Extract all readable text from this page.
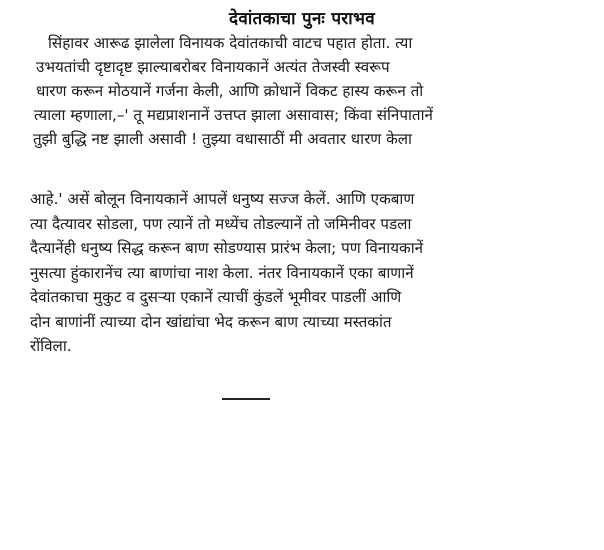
देवांतकाचा पुनः पराभव
सिंहावर आरूढ झालेला विनायक देवांतकाची वाटच पहात होता. त्या
उभयतांची दृष्टादृष्ट झाल्याबरोबर विनायकानें अत्यंत तेजस्वी स्वरूप
धारण करून मोठयानें गर्जना केली, आणि क्रोधानें विकट हास्य करून तो
त्याला म्हणाला,–' तू मद्यप्राशनानें उत्तप्त झाला असावास; किंवा संनिपातानें
तुझी बुद्धि नष्ट झाली असावी ! तुझ्या वधासाठीं मी अवतार धारण केला
आहे.' असें बोलून विनायकानें आपलें धनुष्य सज्ज केलें. आणि एकबाण
त्या दैत्यावर सोडला, पण त्यानें तो मध्येंच तोडल्यानें तो जमिनीवर पडला
दैत्यानेंही धनुष्य सिद्ध करून बाण सोडण्यास प्रारंभ केला; पण विनायकानें
नुसत्या हुंकारानेंच त्या बाणांचा नाश केला. नंतर विनायकानें एका बाणानें
देवांतकाचा मुकुट व दुसऱ्या एकानें त्याचीं कुंडलें भूमीवर पाडलीं आणि
दोन बाणांनीं त्याच्या दोन खांद्यांचा भेद करून बाण त्याच्या मस्तकांत
रोंविला.
